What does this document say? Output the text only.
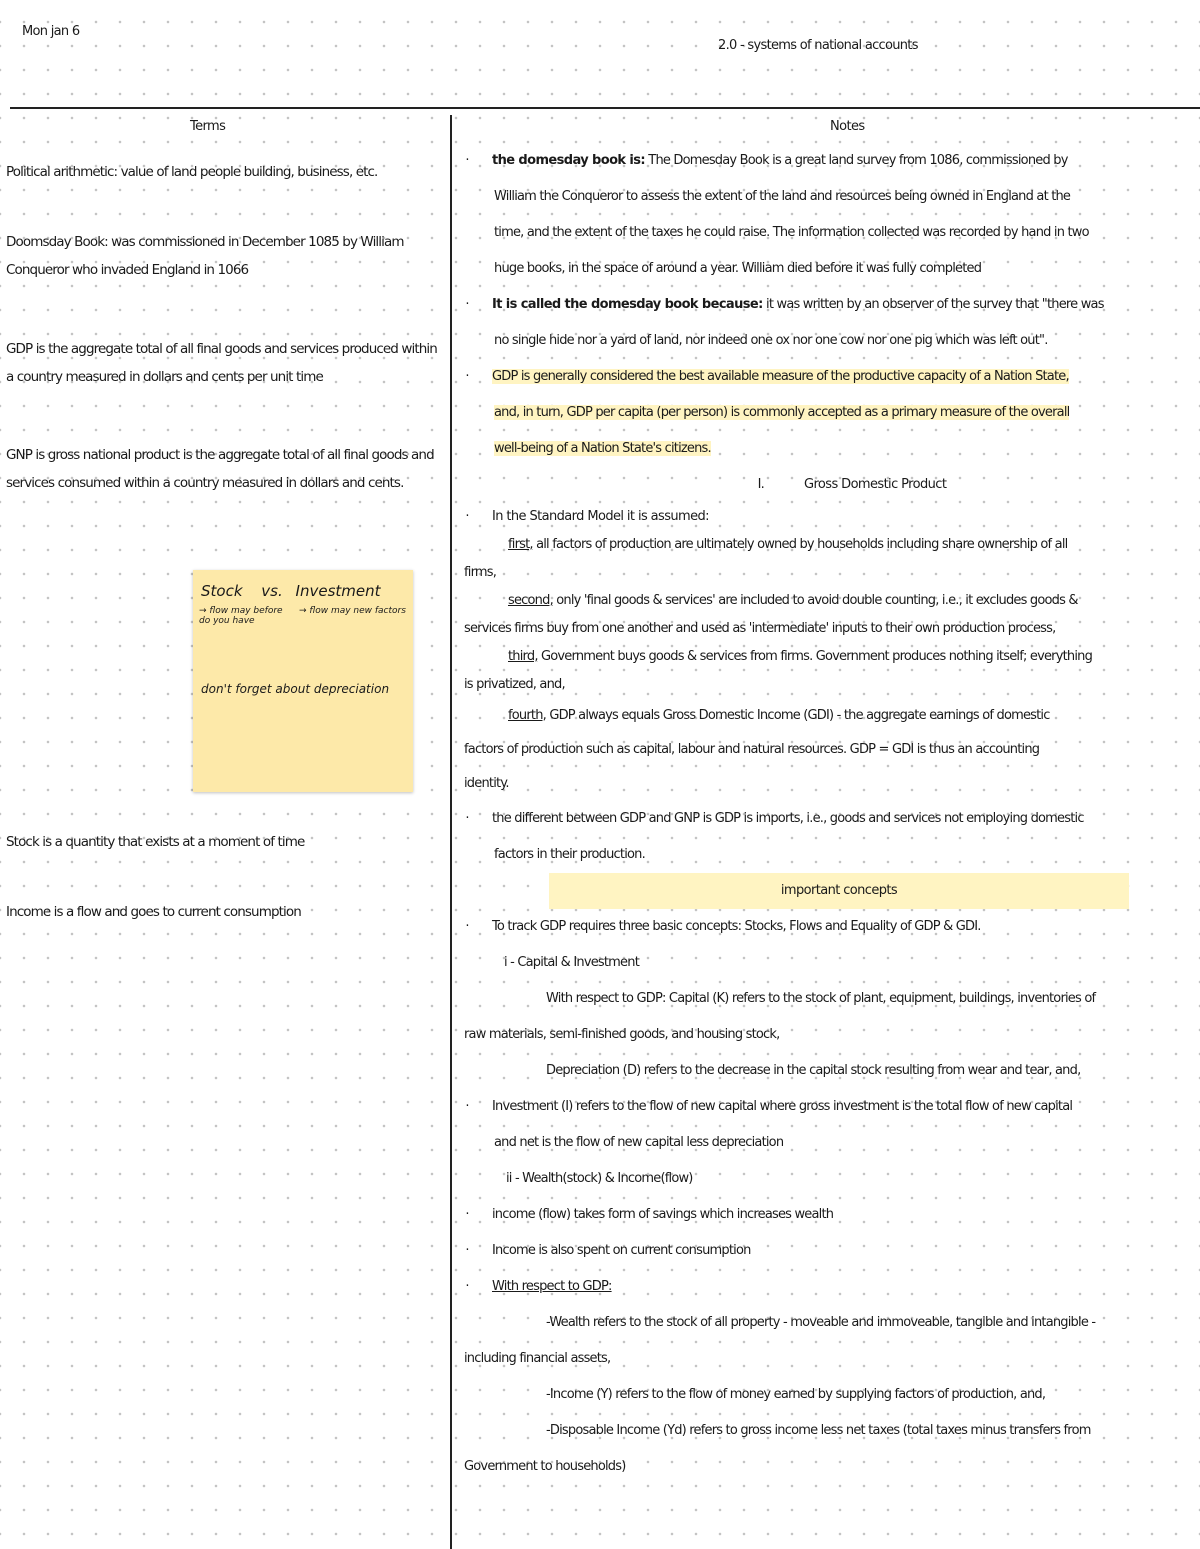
Mon jan 6
2.0 - systems of national accounts
Terms
Political arithmetic: value of land people building, business, etc.
Doomsday Book: was commissioned in December 1085 by William Conqueror who invaded England in 1066
GDP is the aggregate total of all final goods and services produced within a country measured in dollars and cents per unit time
GNP is gross national product is the aggregate total of all final goods and services consumed within a country measured in dollars and cents.
Stock vs. Investment
→ flow may before do you have
→ flow may new factors
don't forget about depreciation
Stock is a quantity that exists at a moment of time
Income is a flow and goes to current consumption
Notes
· the domesday book is: The Domesday Book is a great land survey from 1086, commissioned by
William the Conqueror to assess the extent of the land and resources being owned in England at the
time, and the extent of the taxes he could raise. The information collected was recorded by hand in two
huge books, in the space of around a year. William died before it was fully completed
· It is called the domesday book because: it was written by an observer of the survey that "there was
no single hide nor a yard of land, nor indeed one ox nor one cow nor one pig which was left out".
· GDP is generally considered the best available measure of the productive capacity of a Nation State,
and, in turn, GDP per capita (per person) is commonly accepted as a primary measure of the overall
well-being of a Nation State's citizens.
I.	Gross Domestic Product
· In the Standard Model it is assumed:
first, all factors of production are ultimately owned by households including share ownership of all
firms,
second, only 'final goods & services' are included to avoid double counting, i.e., it excludes goods &
services firms buy from one another and used as 'intermediate' inputs to their own production process,
third, Government buys goods & services from firms. Government produces nothing itself; everything
is privatized, and,
fourth, GDP always equals Gross Domestic Income (GDI) - the aggregate earnings of domestic
factors of production such as capital, labour and natural resources. GDP = GDI is thus an accounting
identity.
· the different between GDP and GNP is GDP is imports, i.e., goods and services not employing domestic
factors in their production.
important concepts
· To track GDP requires three basic concepts: Stocks, Flows and Equality of GDP & GDI.
i - Capital & Investment
With respect to GDP: Capital (K) refers to the stock of plant, equipment, buildings, inventories of
raw materials, semi-finished goods, and housing stock,
Depreciation (D) refers to the decrease in the capital stock resulting from wear and tear, and,
· Investment (I) refers to the flow of new capital where gross investment is the total flow of new capital
and net is the flow of new capital less depreciation
ii - Wealth(stock) & Income(flow)
· income (flow) takes form of savings which increases wealth
· Income is also spent on current consumption
· With respect to GDP:
-Wealth refers to the stock of all property - moveable and immoveable, tangible and intangible -
including financial assets,
-Income (Y) refers to the flow of money earned by supplying factors of production, and,
-Disposable Income (Yd) refers to gross income less net taxes (total taxes minus transfers from
Government to households)
